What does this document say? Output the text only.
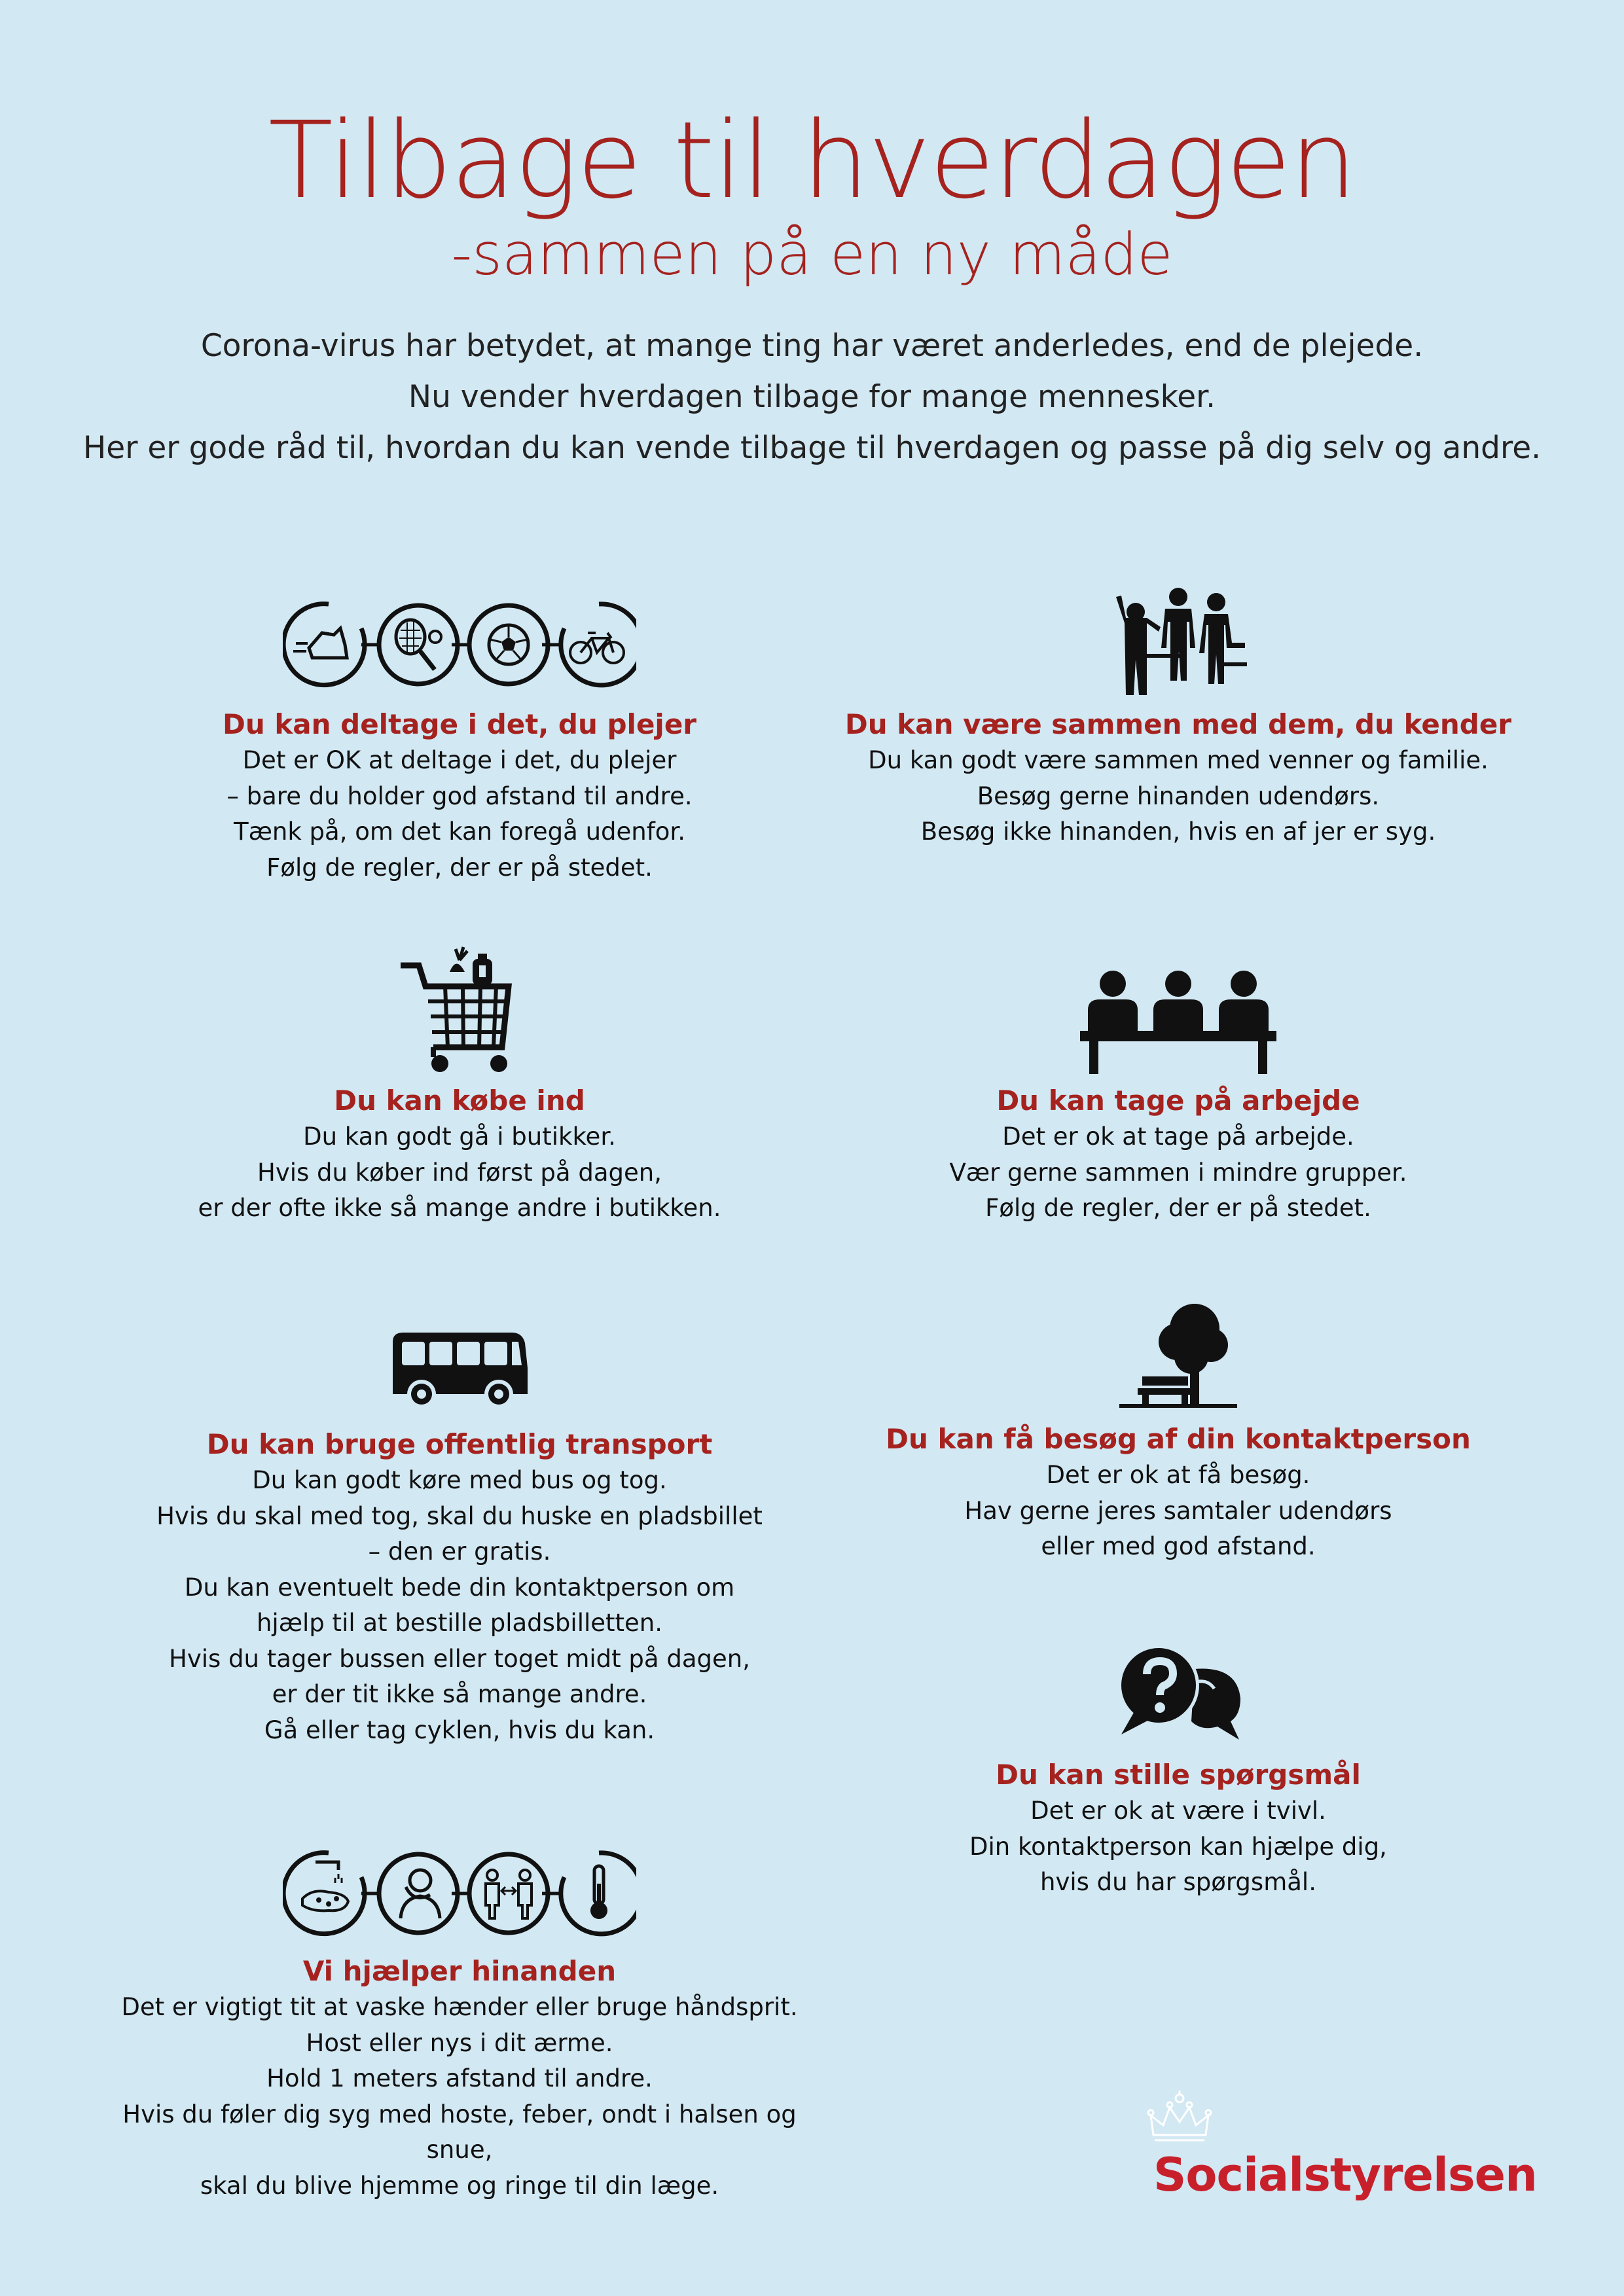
Tilbage til hverdagen
-sammen på en ny måde

Corona-virus har betydet, at mange ting har været anderledes, end de plejede.

Nu vender hverdagen tilbage for mange mennesker.

Her er gode råd til, hvordan du kan vende tilbage til hverdagen og passe på dig selv og andre.

Du kan deltage i det, du plejer

Det er OK at deltage i det, du plejer

– bare du holder god afstand til andre.

Tænk på, om det kan foregå udenfor.

Følg de regler, der er på stedet.

Du kan være sammen med dem, du kender

Du kan godt være sammen med venner og familie.

Besøg gerne hinanden udendørs.

Besøg ikke hinanden, hvis en af jer er syg.

Du kan købe ind

Du kan godt gå i butikker.

Hvis du køber ind først på dagen,

er der ofte ikke så mange andre i butikken.

Du kan tage på arbejde

Det er ok at tage på arbejde.

Vær gerne sammen i mindre grupper.

Følg de regler, der er på stedet.

Du kan bruge offentlig transport

Du kan godt køre med bus og tog.

Hvis du skal med tog, skal du huske en pladsbillet

– den er gratis.

Du kan eventuelt bede din kontaktperson om

hjælp til at bestille pladsbilletten.

Hvis du tager bussen eller toget midt på dagen,

er der tit ikke så mange andre.

Gå eller tag cyklen, hvis du kan.

Du kan få besøg af din kontaktperson

Det er ok at få besøg.

Hav gerne jeres samtaler udendørs

eller med god afstand.

Du kan stille spørgsmål

Det er ok at være i tvivl.

Din kontaktperson kan hjælpe dig,

hvis du har spørgsmål.

Vi hjælper hinanden

Det er vigtigt tit at vaske hænder eller bruge håndsprit.

Host eller nys i dit ærme.

Hold 1 meters afstand til andre.

Hvis du føler dig syg med hoste, feber, ondt i halsen og snue,

skal du blive hjemme og ringe til din læge.	Socialstyrelsen
